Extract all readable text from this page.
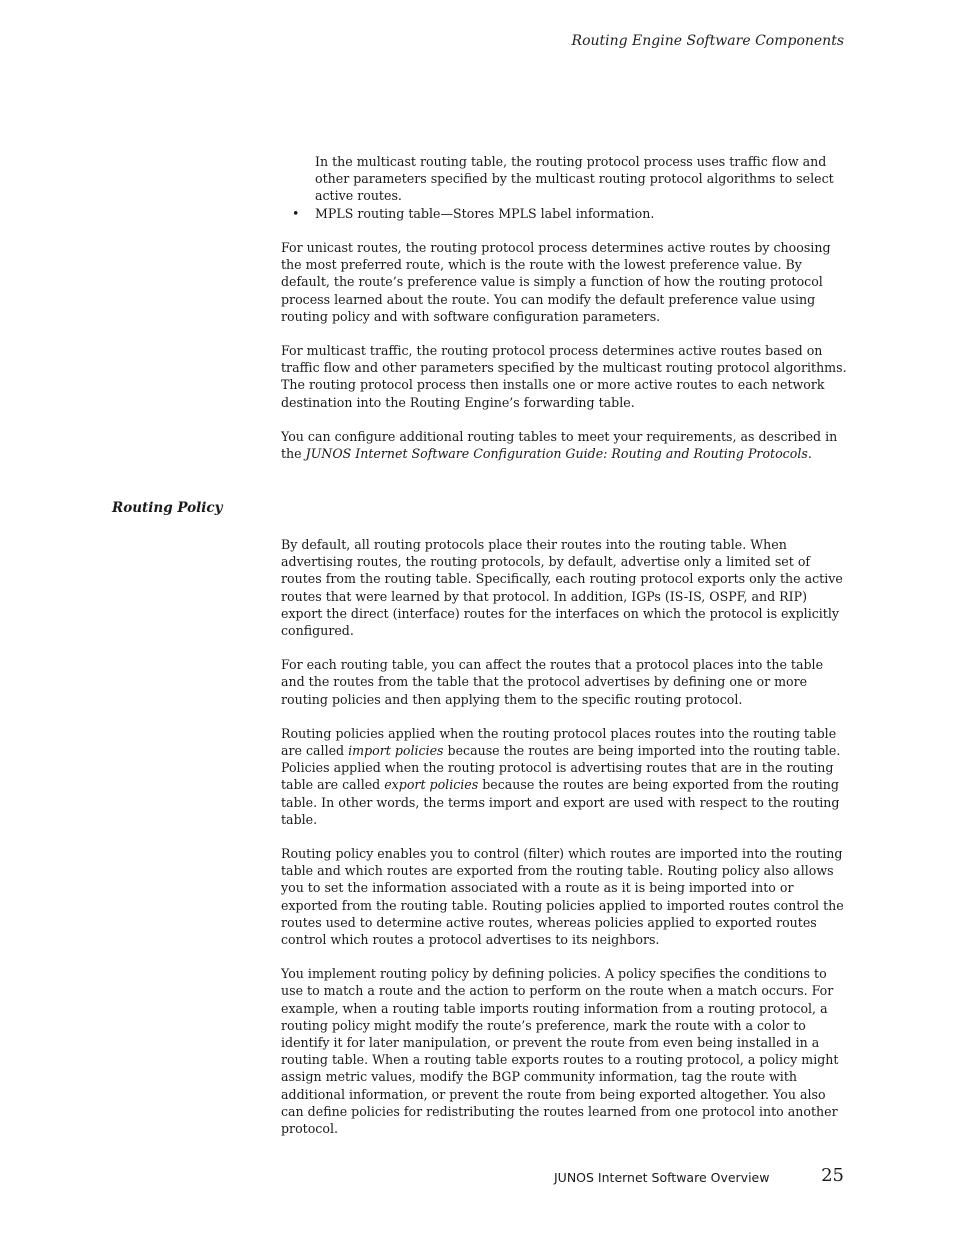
Routing Engine Software Components

In the multicast routing table, the routing protocol process uses traffic flow and other parameters specified by the multicast routing protocol algorithms to select active routes.

• MPLS routing table—Stores MPLS label information.

For unicast routes, the routing protocol process determines active routes by choosing the most preferred route, which is the route with the lowest preference value. By default, the route’s preference value is simply a function of how the routing protocol process learned about the route. You can modify the default preference value using routing policy and with software configuration parameters.

For multicast traffic, the routing protocol process determines active routes based on traffic flow and other parameters specified by the multicast routing protocol algorithms. The routing protocol process then installs one or more active routes to each network destination into the Routing Engine’s forwarding table.

You can configure additional routing tables to meet your requirements, as described in the JUNOS Internet Software Configuration Guide: Routing and Routing Protocols.

Routing Policy

By default, all routing protocols place their routes into the routing table. When advertising routes, the routing protocols, by default, advertise only a limited set of routes from the routing table. Specifically, each routing protocol exports only the active routes that were learned by that protocol. In addition, IGPs (IS-IS, OSPF, and RIP) export the direct (interface) routes for the interfaces on which the protocol is explicitly configured.

For each routing table, you can affect the routes that a protocol places into the table and the routes from the table that the protocol advertises by defining one or more routing policies and then applying them to the specific routing protocol.

Routing policies applied when the routing protocol places routes into the routing table are called import policies because the routes are being imported into the routing table. Policies applied when the routing protocol is advertising routes that are in the routing table are called export policies because the routes are being exported from the routing table. In other words, the terms import and export are used with respect to the routing table.

Routing policy enables you to control (filter) which routes are imported into the routing table and which routes are exported from the routing table. Routing policy also allows you to set the information associated with a route as it is being imported into or exported from the routing table. Routing policies applied to imported routes control the routes used to determine active routes, whereas policies applied to exported routes control which routes a protocol advertises to its neighbors.

You implement routing policy by defining policies. A policy specifies the conditions to use to match a route and the action to perform on the route when a match occurs. For example, when a routing table imports routing information from a routing protocol, a routing policy might modify the route’s preference, mark the route with a color to identify it for later manipulation, or prevent the route from even being installed in a routing table. When a routing table exports routes to a routing protocol, a policy might assign metric values, modify the BGP community information, tag the route with additional information, or prevent the route from being exported altogether. You also can define policies for redistributing the routes learned from one protocol into another protocol.

JUNOS Internet Software Overview	25
